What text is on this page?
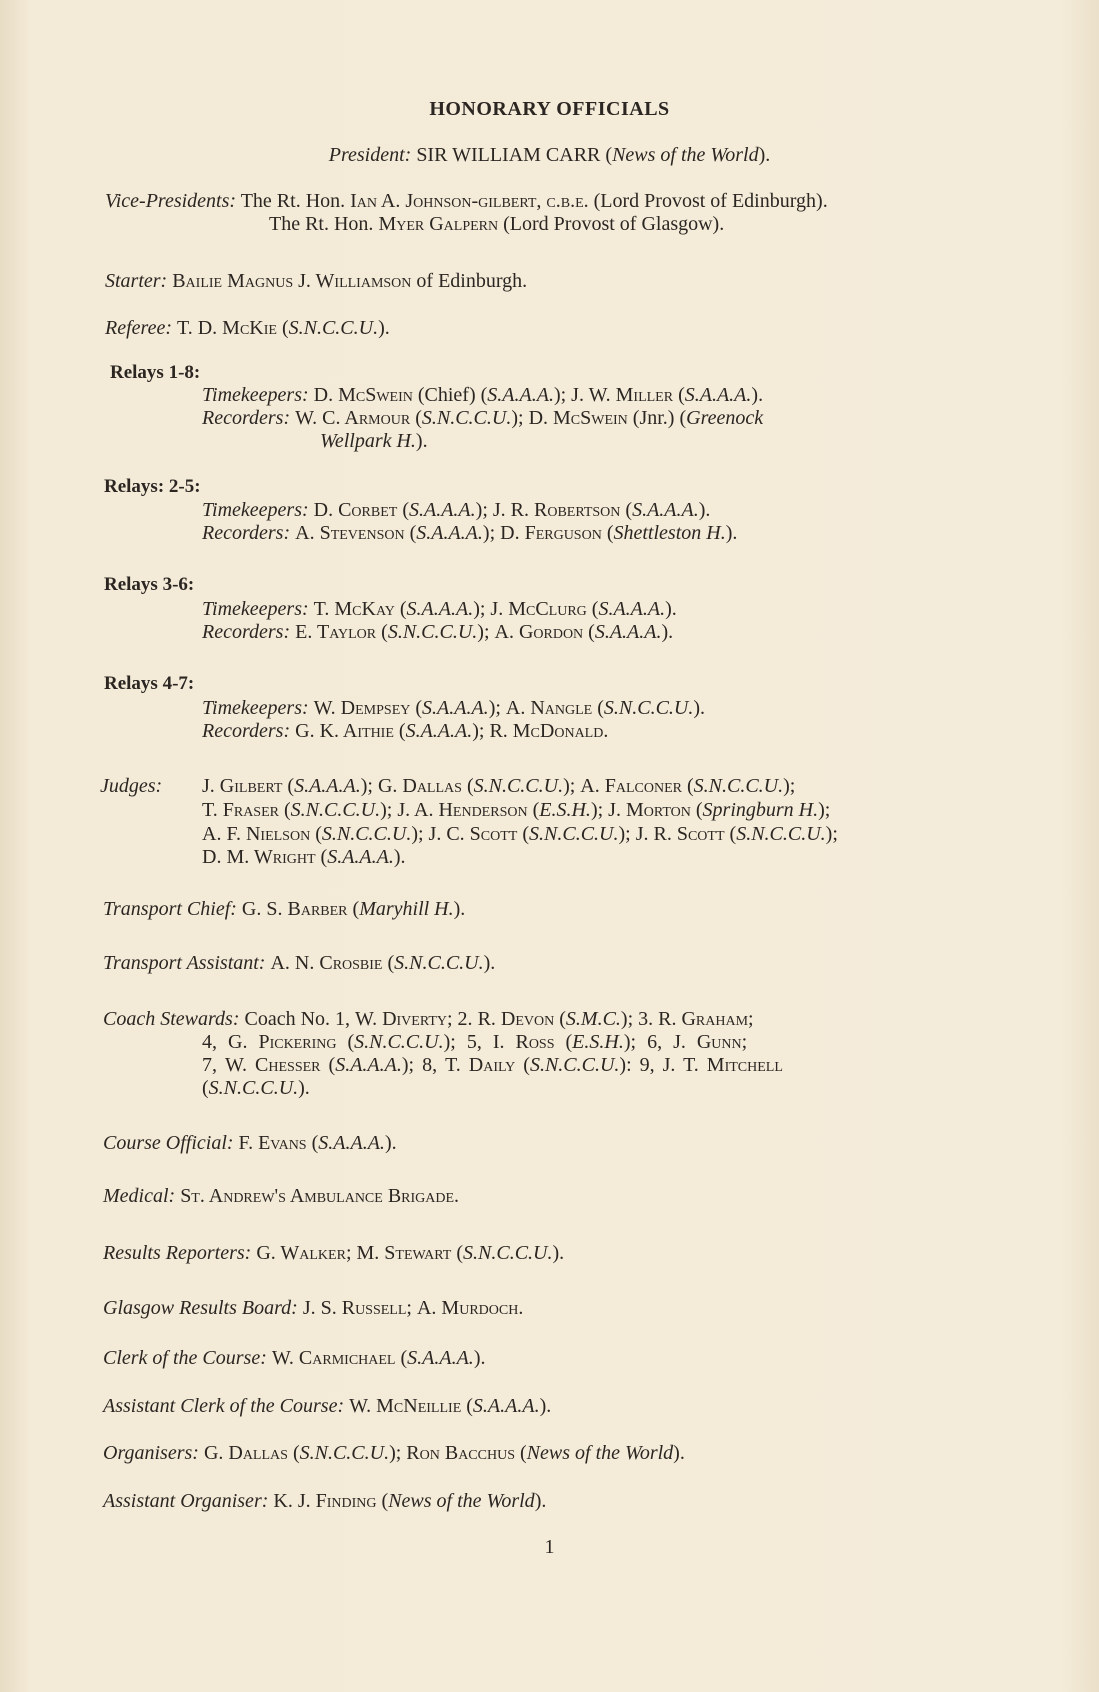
HONORARY OFFICIALS
President: SIR WILLIAM CARR (News of the World).
Vice-Presidents: The Rt. Hon. Ian A. Johnson-gilbert, c.b.e. (Lord Provost of Edinburgh).
The Rt. Hon. Myer Galpern (Lord Provost of Glasgow).
Starter: Bailie Magnus J. Williamson of Edinburgh.
Referee: T. D. McKie (S.N.C.C.U.).
Relays 1-8:
Timekeepers: D. McSwein (Chief) (S.A.A.A.); J. W. Miller (S.A.A.A.).
Recorders: W. C. Armour (S.N.C.C.U.); D. McSwein (Jnr.) (Greenock
Wellpark H.).
Relays: 2-5:
Timekeepers: D. Corbet (S.A.A.A.); J. R. Robertson (S.A.A.A.).
Recorders: A. Stevenson (S.A.A.A.); D. Ferguson (Shettleston H.).
Relays 3-6:
Timekeepers: T. McKay (S.A.A.A.); J. McClurg (S.A.A.A.).
Recorders: E. Taylor (S.N.C.C.U.); A. Gordon (S.A.A.A.).
Relays 4-7:
Timekeepers: W. Dempsey (S.A.A.A.); A. Nangle (S.N.C.C.U.).
Recorders: G. K. Aithie (S.A.A.A.); R. McDonald.
Judges: J. Gilbert (S.A.A.A.); G. Dallas (S.N.C.C.U.); A. Falconer (S.N.C.C.U.);
T. Fraser (S.N.C.C.U.); J. A. Henderson (E.S.H.); J. Morton (Springburn H.);
A. F. Nielson (S.N.C.C.U.); J. C. Scott (S.N.C.C.U.); J. R. Scott (S.N.C.C.U.);
D. M. Wright (S.A.A.A.).
Transport Chief: G. S. Barber (Maryhill H.).
Transport Assistant: A. N. Crosbie (S.N.C.C.U.).
Coach Stewards: Coach No. 1, W. Diverty; 2. R. Devon (S.M.C.); 3. R. Graham;
4, G. Pickering (S.N.C.C.U.); 5, I. Ross (E.S.H.); 6, J. Gunn;
7, W. Chesser (S.A.A.A.); 8, T. Daily (S.N.C.C.U.): 9, J. T. Mitchell
(S.N.C.C.U.).
Course Official: F. Evans (S.A.A.A.).
Medical: St. Andrew's Ambulance Brigade.
Results Reporters: G. Walker; M. Stewart (S.N.C.C.U.).
Glasgow Results Board: J. S. Russell; A. Murdoch.
Clerk of the Course: W. Carmichael (S.A.A.A.).
Assistant Clerk of the Course: W. McNeillie (S.A.A.A.).
Organisers: G. Dallas (S.N.C.C.U.); Ron Bacchus (News of the World).
Assistant Organiser: K. J. Finding (News of the World).
1
